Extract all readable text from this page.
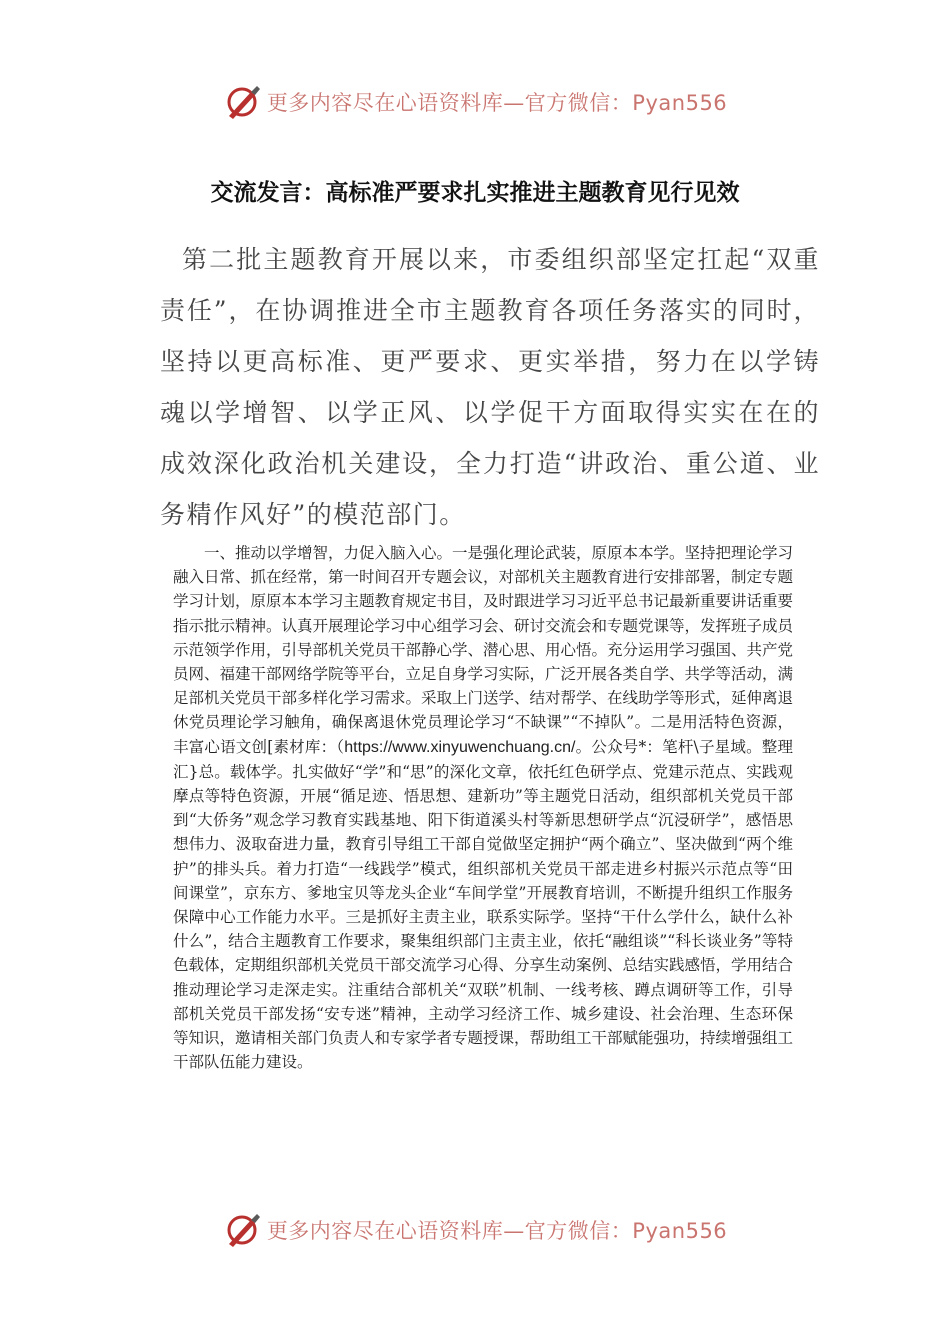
更多内容尽在心语资料库—官方微信：Pyan556
交流发言：高标准严要求扎实推进主题教育见行见效

第二批主题教育开展以来，市委组织部坚定扛起“双重责任”，在协调推进全市主题教育各项任务落实的同时，坚持以更高标准、更严要求、更实举措，努力在以学铸魂以学增智、以学正风、以学促干方面取得实实在在的成效深化政治机关建设，全力打造“讲政治、重公道、业务精作风好”的模范部门。

一、推动以学增智，力促入脑入心。一是强化理论武装，原原本本学。坚持把理论学习融入日常、抓在经常，第一时间召开专题会议，对部机关主题教育进行安排部署，制定专题学习计划，原原本本学习主题教育规定书目，及时跟进学习习近平总书记最新重要讲话重要指示批示精神。认真开展理论学习中心组学习会、研讨交流会和专题党课等，发挥班子成员示范领学作用，引导部机关党员干部静心学、潜心思、用心悟。充分运用学习强国、共产党员网、福建干部网络学院等平台，立足自身学习实际，广泛开展各类自学、共学等活动，满足部机关党员干部多样化学习需求。采取上门送学、结对帮学、在线助学等形式，延伸离退休党员理论学习触角，确保离退休党员理论学习“不缺课”“不掉队”。二是用活特色资源，丰富心语文创[素材库：（https://www.xinyuwenchuang.cn/。公众号*：笔杆\子星域。整理汇}总。载体学。扎实做好“学”和“思”的深化文章，依托红色研学点、党建示范点、实践观摩点等特色资源，开展“循足迹、悟思想、建新功”等主题党日活动，组织部机关党员干部到“大侨务”观念学习教育实践基地、阳下街道溪头村等新思想研学点“沉浸研学”，感悟思想伟力、汲取奋进力量，教育引导组工干部自觉做坚定拥护“两个确立”、坚决做到“两个维护”的排头兵。着力打造“一线践学”模式，组织部机关党员干部走进乡村振兴示范点等“田间课堂”，京东方、爹地宝贝等龙头企业“车间学堂”开展教育培训，不断提升组织工作服务保障中心工作能力水平。三是抓好主责主业，联系实际学。坚持“干什么学什么，缺什么补什么”，结合主题教育工作要求，聚集组织部门主责主业，依托“融组谈”“科长谈业务”等特色载体，定期组织部机关党员干部交流学习心得、分享生动案例、总结实践感悟，学用结合推动理论学习走深走实。注重结合部机关“双联”机制、一线考核、蹲点调研等工作，引导部机关党员干部发扬“安专迷”精神，主动学习经济工作、城乡建设、社会治理、生态环保等知识，邀请相关部门负责人和专家学者专题授课，帮助组工干部赋能强功，持续增强组工干部队伍能力建设。

更多内容尽在心语资料库—官方微信：Pyan556
